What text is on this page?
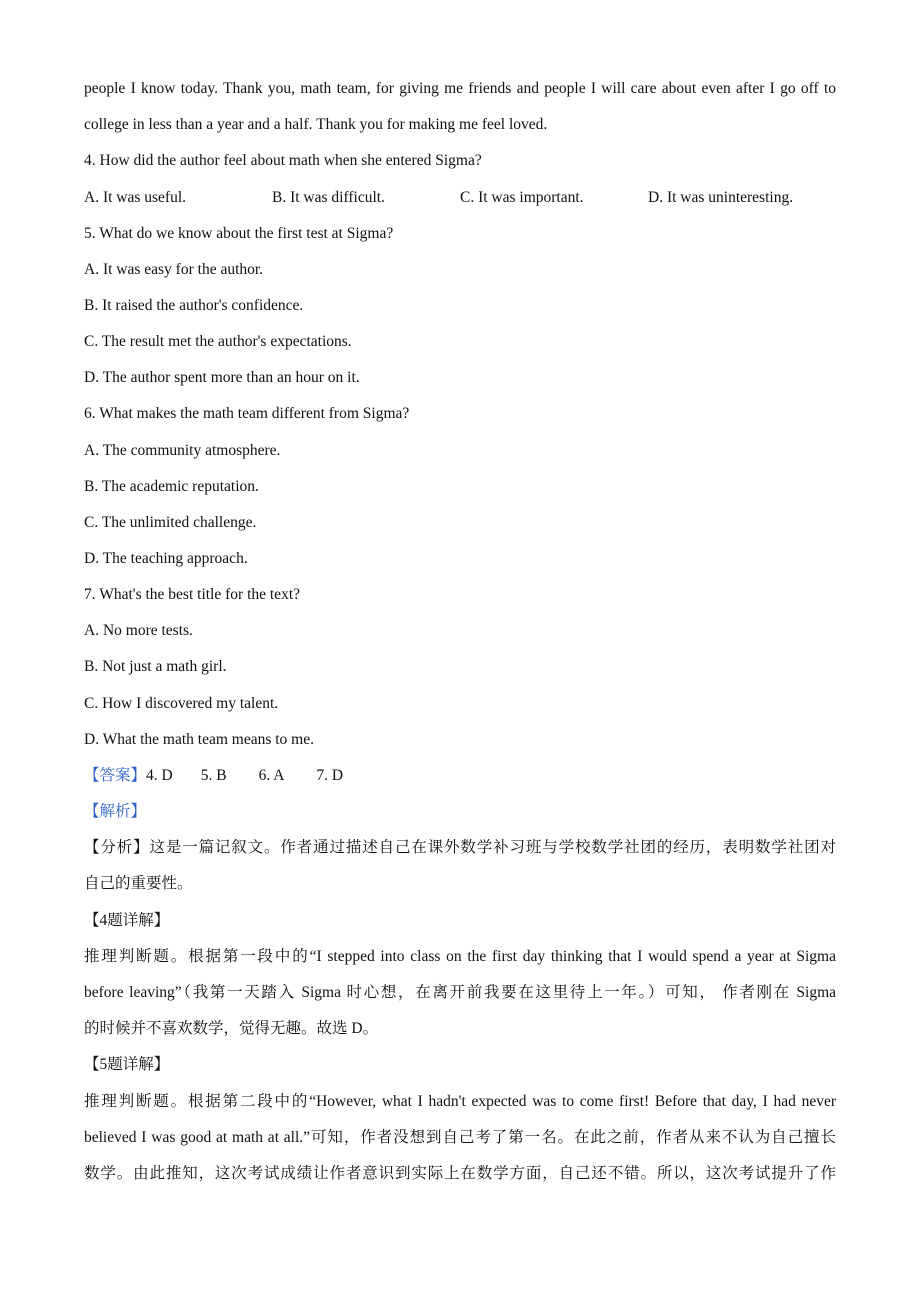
people I know today. Thank you, math team, for giving me friends and people I will care about even after I go off to
college in less than a year and a half. Thank you for making me feel loved.
4. How did the author feel about math when she entered Sigma?
A. It was useful.	B. It was difficult.	C. It was important.	D. It was uninteresting.
5. What do we know about the first test at Sigma?
A. It was easy for the author.
B. It raised the author's confidence.
C. The result met the author's expectations.
D. The author spent more than an hour on it.
6. What makes the math team different from Sigma?
A. The community atmosphere.
B. The academic reputation.
C. The unlimited challenge.
D. The teaching approach.
7. What's the best title for the text?
A. No more tests.
B. Not just a math girl.
C. How I discovered my talent.
D. What the math team means to me.
【答案】4. D 5. B 6. A 7. D
【解析】
【分析】这是一篇记叙文。作者通过描述自己在课外数学补习班与学校数学社团的经历，表明数学社团对
自己的重要性。
【4题详解】
推理判断题。根据第一段中的“I stepped into class on the first day thinking that I would spend a year at Sigma
before leaving”（我第一天踏入 Sigma 时心想，在离开前我要在这里待上一年。）可知， 作者刚在 Sigma
的时候并不喜欢数学，觉得无趣。故选 D。
【5题详解】
推理判断题。根据第二段中的“However, what I hadn't expected was to come first! Before that day, I had never
believed I was good at math at all.”可知，作者没想到自己考了第一名。在此之前，作者从来不认为自己擅长
数学。由此推知，这次考试成绩让作者意识到实际上在数学方面，自己还不错。所以，这次考试提升了作
